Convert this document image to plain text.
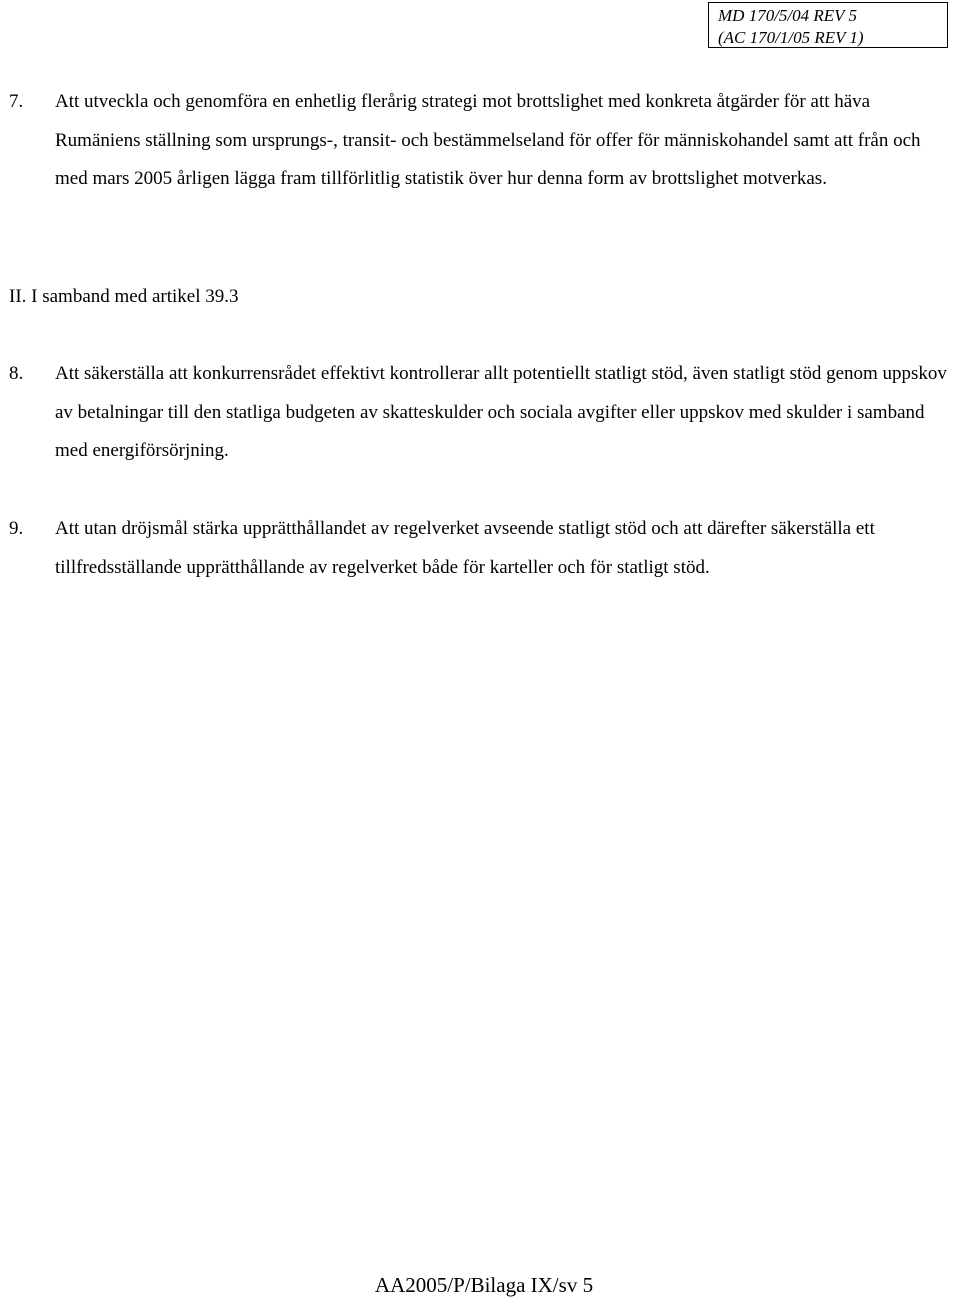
MD 170/5/04 REV 5
(AC 170/1/05 REV 1)
7. Att utveckla och genomföra en enhetlig flerårig strategi mot brottslighet med konkreta åtgärder för att häva Rumäniens ställning som ursprungs-, transit- och bestämmelseland för offer för människohandel samt att från och med mars 2005 årligen lägga fram tillförlitlig statistik över hur denna form av brottslighet motverkas.
II. I samband med artikel 39.3
8. Att säkerställa att konkurrensrådet effektivt kontrollerar allt potentiellt statligt stöd, även statligt stöd genom uppskov av betalningar till den statliga budgeten av skatteskulder och sociala avgifter eller uppskov med skulder i samband med energiförsörjning.
9. Att utan dröjsmål stärka upprätthållandet av regelverket avseende statligt stöd och att därefter säkerställa ett tillfredsställande upprätthållande av regelverket både för karteller och för statligt stöd.
AA2005/P/Bilaga IX/sv 5
